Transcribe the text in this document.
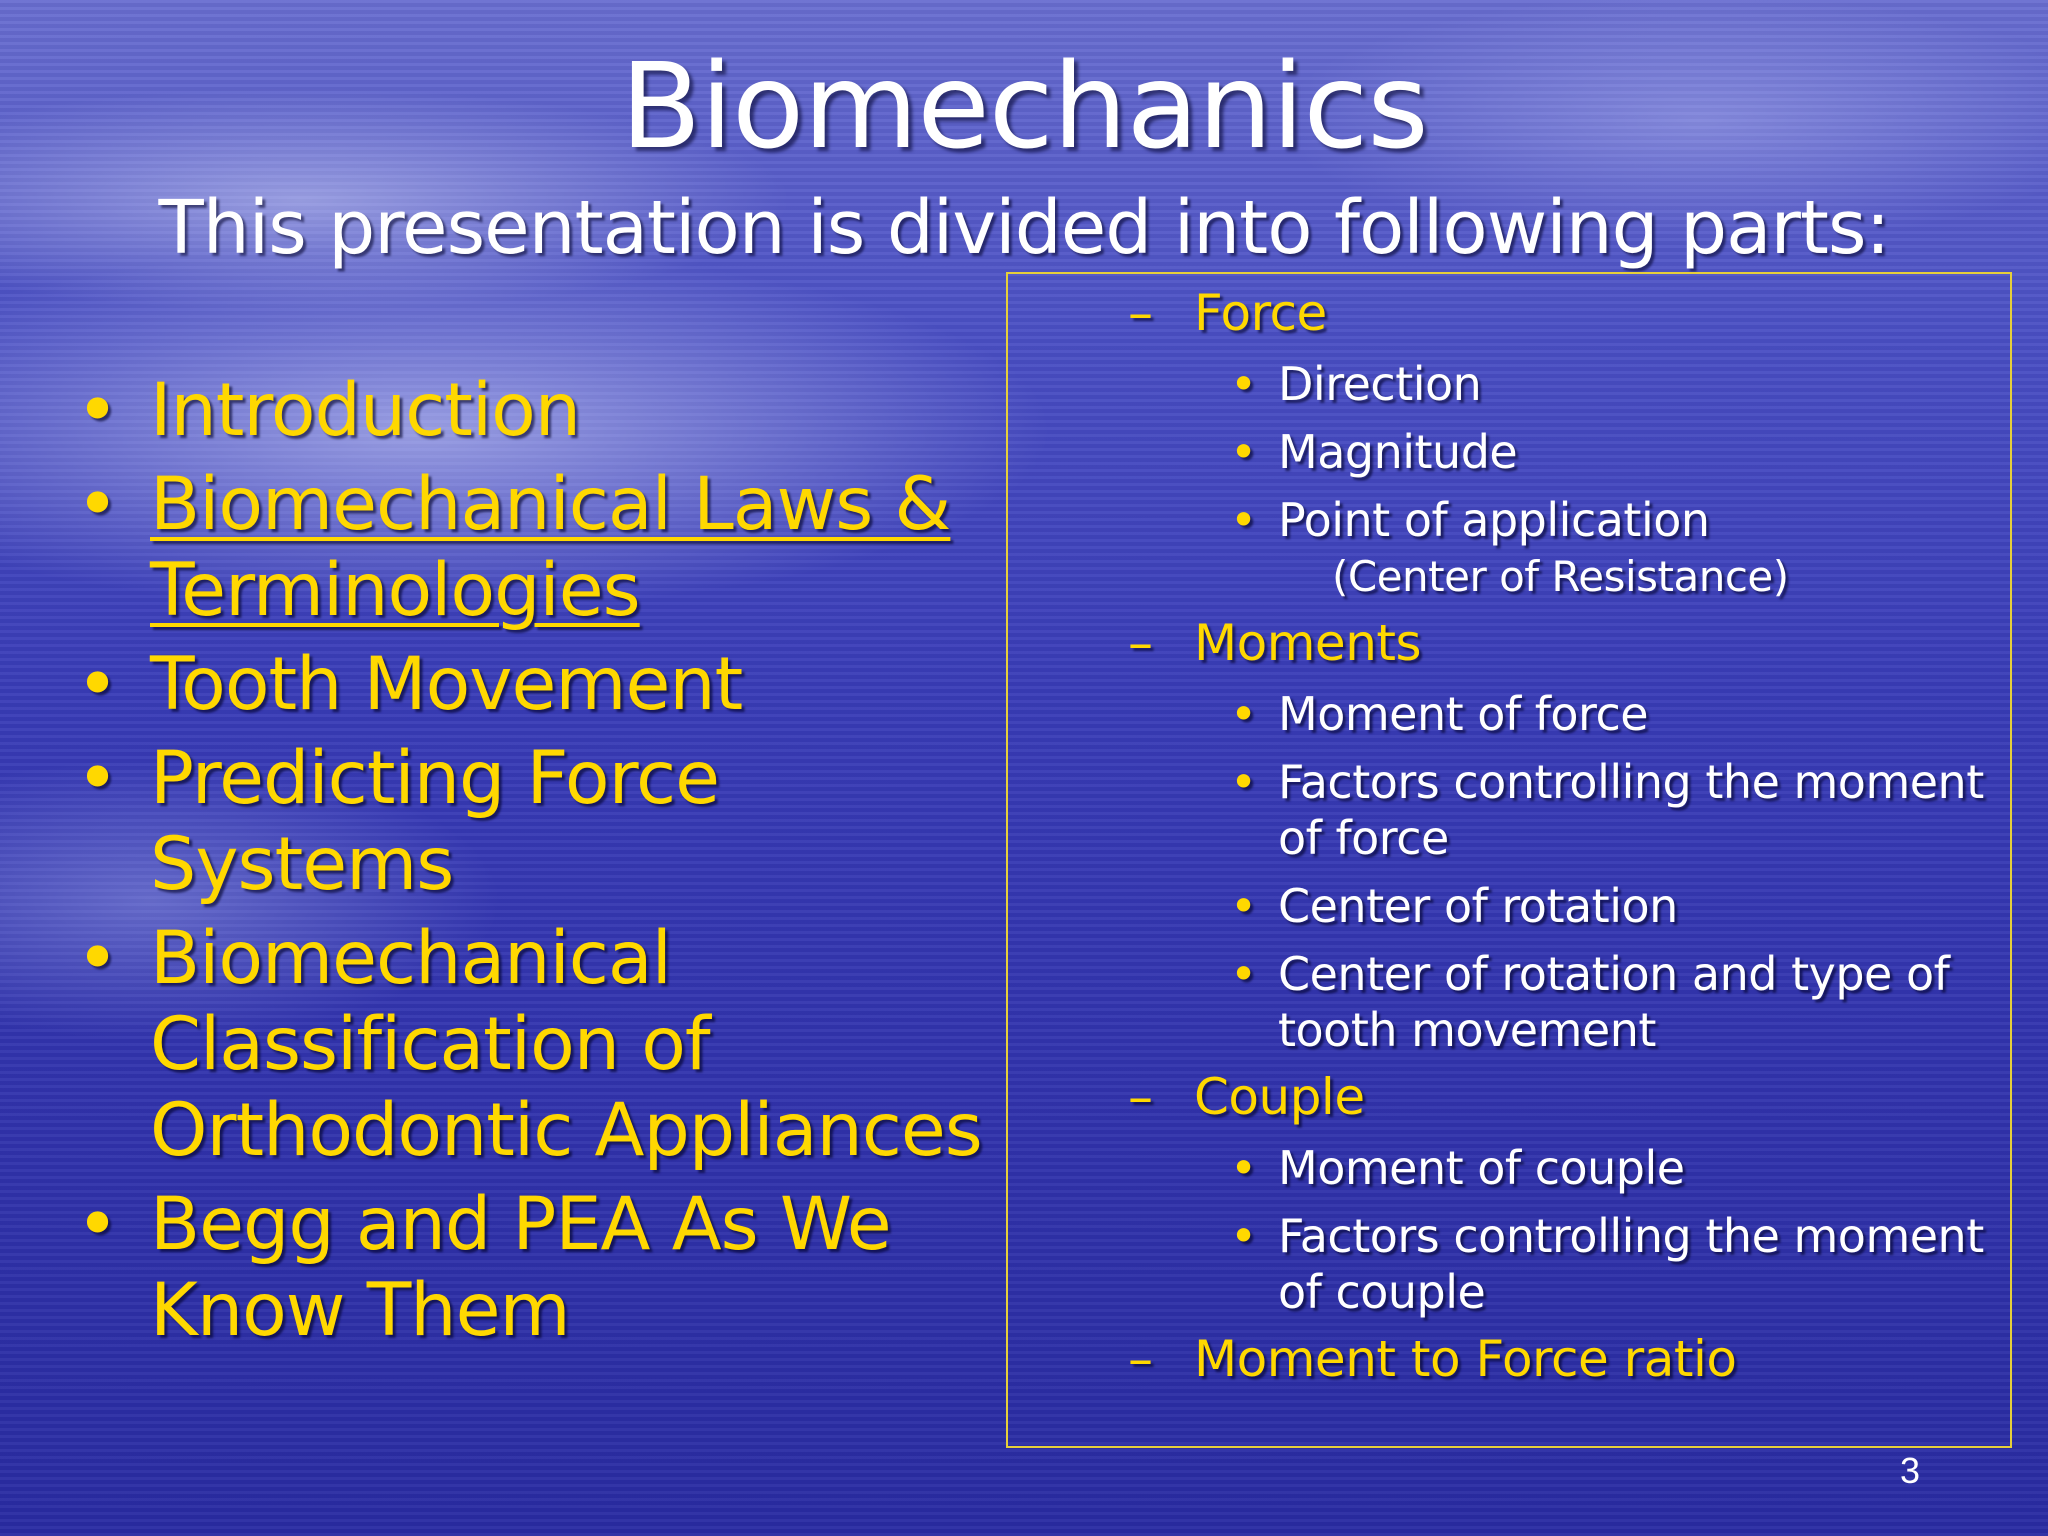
Biomechanics

This presentation is divided into following parts:

• Introduction
• Biomechanical Laws & Terminologies
• Tooth Movement
• Predicting Force Systems
• Biomechanical Classification of Orthodontic Appliances
• Begg and PEA As We Know Them
– Force
• Direction
• Magnitude
• Point of application
(Center of Resistance)
– Moments
• Moment of force
• Factors controlling the moment of force
• Center of rotation
• Center of rotation and type of tooth movement
– Couple
• Moment of couple
• Factors controlling the moment of couple
– Moment to Force ratio
3
